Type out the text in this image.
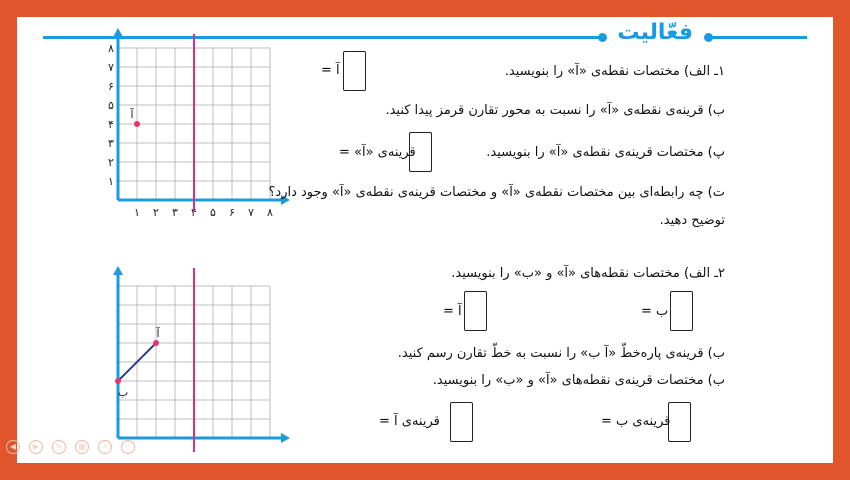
فعّالیت
۱ ۲ ۳ ۴ ۵ ۶ ۷ ۸
۱
۲
۳
۴
۵
۶
۷
۸
آ
آ
ب
۱ـ الف) مختصات نقطه‌ی «آ» را بنویسید.
آ =
ب) قرینه‌ی نقطه‌ی «آ» را نسبت به محور تقارن قرمز پیدا کنید.
پ) مختصات قرینه‌ی نقطه‌ی «آ» را بنویسید.
قرینه‌ی «آ» =
ت) چه رابطه‌ای بین مختصات نقطه‌ی «آ» و مختصات قرینه‌ی نقطه‌ی «آ» وجود دارد؟
توضیح دهید.
۲ـ الف) مختصات نقطه‌های «آ» و «ب» را بنویسید.
ب =
آ =
ب) قرینه‌ی پاره‌خطّ «آ ب» را نسبت به خطّ تقارن رسم کنید.
ب) مختصات قرینه‌ی نقطه‌های «آ» و «ب» را بنویسید.
قرینه‌ی ب =
قرینه‌ی آ =
◀	▶	✎	▦	⌕	⋯
